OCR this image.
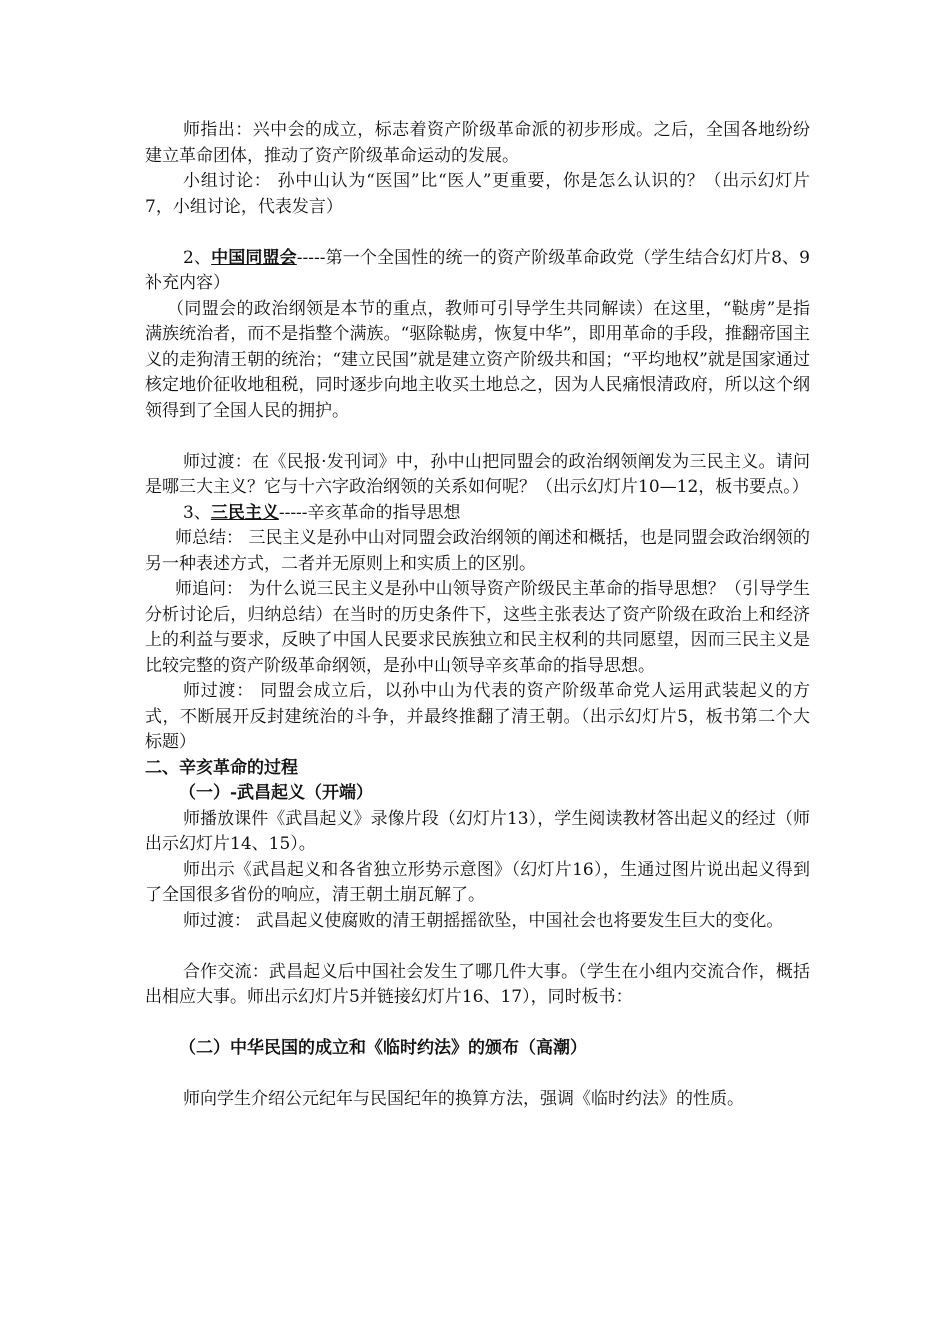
师指出：兴中会的成立，标志着资产阶级革命派的初步形成。之后，全国各地纷纷建立革命团体，推动了资产阶级革命运动的发展。

小组讨论： 孙中山认为“医国”比“医人”更重要，你是怎么认识的？（出示幻灯片7，小组讨论，代表发言）

2、中国同盟会-----第一个全国性的统一的资产阶级革命政党（学生结合幻灯片8、9补充内容）

（同盟会的政治纲领是本节的重点，教师可引导学生共同解读）在这里，“鞑虏”是指满族统治者，而不是指整个满族。“驱除鞑虏，恢复中华”，即用革命的手段，推翻帝国主义的走狗清王朝的统治；“建立民国”就是建立资产阶级共和国；“平均地权”就是国家通过核定地价征收地租税，同时逐步向地主收买土地总之，因为人民痛恨清政府，所以这个纲领得到了全国人民的拥护。

师过渡：在《民报·发刊词》中，孙中山把同盟会的政治纲领阐发为三民主义。请问是哪三大主义？它与十六字政治纲领的关系如何呢？（出示幻灯片10—12，板书要点。）

3、三民主义-----辛亥革命的指导思想

师总结： 三民主义是孙中山对同盟会政治纲领的阐述和概括，也是同盟会政治纲领的另一种表述方式，二者并无原则上和实质上的区别。

师追问： 为什么说三民主义是孙中山领导资产阶级民主革命的指导思想？（引导学生分析讨论后，归纳总结）在当时的历史条件下，这些主张表达了资产阶级在政治上和经济上的利益与要求，反映了中国人民要求民族独立和民主权利的共同愿望，因而三民主义是比较完整的资产阶级革命纲领，是孙中山领导辛亥革命的指导思想。

师过渡： 同盟会成立后，以孙中山为代表的资产阶级革命党人运用武装起义的方式，不断展开反封建统治的斗争，并最终推翻了清王朝。（出示幻灯片5，板书第二个大标题）

二、辛亥革命的过程

（一）-武昌起义（开端）

师播放课件《武昌起义》录像片段（幻灯片13），学生阅读教材答出起义的经过（师出示幻灯片14、15）。

师出示《武昌起义和各省独立形势示意图》（幻灯片16），生通过图片说出起义得到了全国很多省份的响应，清王朝土崩瓦解了。

师过渡： 武昌起义使腐败的清王朝摇摇欲坠，中国社会也将要发生巨大的变化。

合作交流：武昌起义后中国社会发生了哪几件大事。（学生在小组内交流合作，概括出相应大事。师出示幻灯片5并链接幻灯片16、17），同时板书：

（二）中华民国的成立和《临时约法》的颁布（高潮）

师向学生介绍公元纪年与民国纪年的换算方法，强调《临时约法》的性质。
